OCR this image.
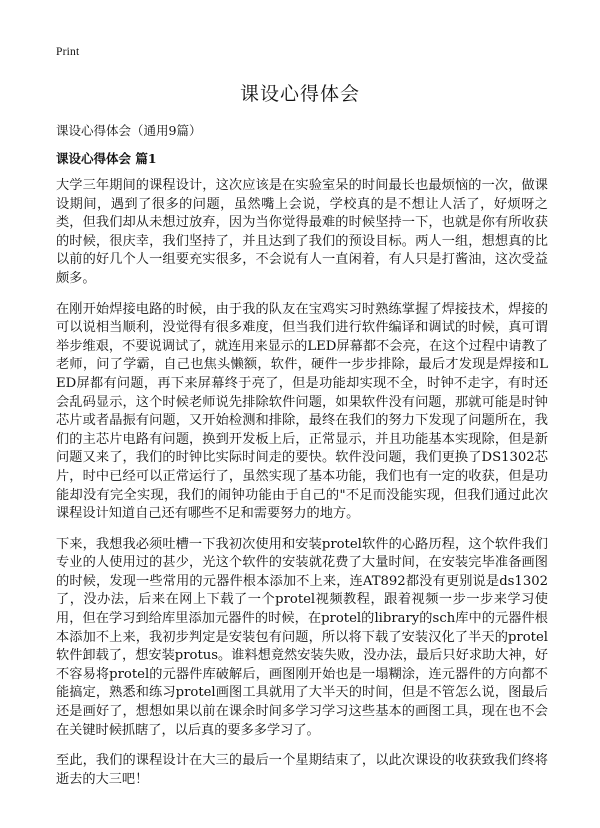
Print
课设心得体会
课设心得体会（通用9篇）
课设心得体会 篇1

大学三年期间的课程设计，这次应该是在实验室呆的时间最长也最烦恼的一次，做课设期间，遇到了很多的问题，虽然嘴上会说，学校真的是不想让人活了，好烦呀之类，但我们却从未想过放弃，因为当你觉得最难的时候坚持一下，也就是你有所收获的时候，很庆幸，我们坚持了，并且达到了我们的预设目标。两人一组，想想真的比以前的好几个人一组要充实很多，不会说有人一直闲着，有人只是打酱油，这次受益颇多。

在刚开始焊接电路的时候，由于我的队友在宝鸡实习时熟练掌握了焊接技术，焊接的可以说相当顺利，没觉得有很多难度，但当我们进行软件编译和调试的时候，真可谓举步维艰，不要说调试了，就连用来显示的LED屏幕都不会亮，在这个过程中请教了老师，问了学霸，自己也焦头懒额，软件，硬件一步步排除，最后才发现是焊接和LED屏都有问题，再下来屏幕终于亮了，但是功能却实现不全，时钟不走字，有时还会乱码显示，这个时候老师说先排除软件问题，如果软件没有问题，那就可能是时钟芯片或者晶振有问题，又开始检测和排除，最终在我们的努力下发现了问题所在，我们的主芯片电路有问题，换到开发板上后，正常显示，并且功能基本实现除，但是新问题又来了，我们的时钟比实际时间走的要快。软件没问题，我们更换了DS1302芯片，时中已经可以正常运行了，虽然实现了基本功能，我们也有一定的收获，但是功能却没有完全实现，我们的闹钟功能由于自己的"不足而没能实现，但我们通过此次课程设计知道自己还有哪些不足和需要努力的地方。

下来，我想我必须吐槽一下我初次使用和安装protel软件的心路历程，这个软件我们专业的人使用过的甚少，光这个软件的安装就花费了大量时间，在安装完毕准备画图的时候，发现一些常用的元器件根本添加不上来，连AT892都没有更别说是ds1302了，没办法，后来在网上下载了一个protel视频教程，跟着视频一步一步来学习使用，但在学习到给库里添加元器件的时候，在protel的library的sch库中的元器件根本添加不上来，我初步判定是安装包有问题，所以将下载了安装汉化了半天的protel软件卸载了，想安装protus。谁料想竟然安装失败，没办法，最后只好求助大神，好不容易将protel的元器件库破解后，画图刚开始也是一塌糊涂，连元器件的方向都不能搞定，熟悉和练习protel画图工具就用了大半天的时间，但是不管怎么说，图最后还是画好了，想想如果以前在课余时间多学习学习这些基本的画图工具，现在也不会在关键时候抓瞎了，以后真的要多多学习了。

至此，我们的课程设计在大三的最后一个星期结束了，以此次课设的收获致我们终将逝去的大三吧！
